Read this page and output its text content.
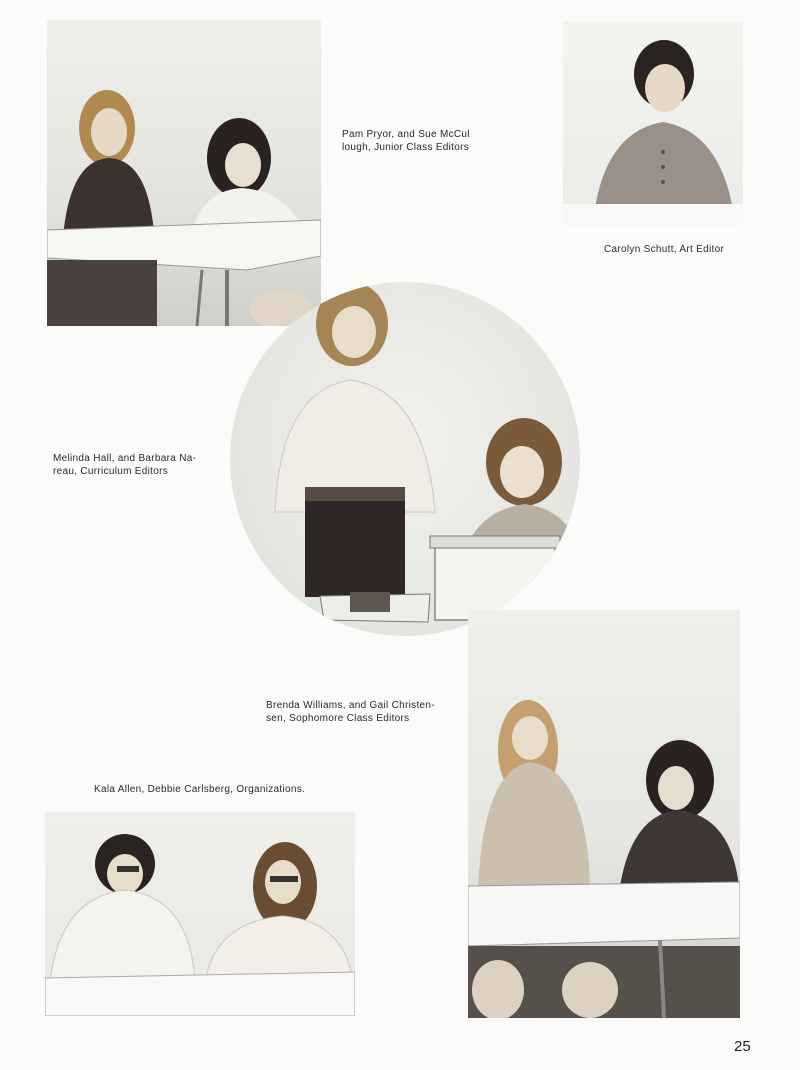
Pam Pryor, and Sue McCul
lough, Junior Class Editors
Carolyn Schutt, Art Editor
Melinda Hall, and Barbara Na-
reau, Curriculum Editors
Brenda Williams, and Gail Christen-
sen, Sophomore Class Editors
Kala Allen, Debbie Carlsberg, Organizations.
25
